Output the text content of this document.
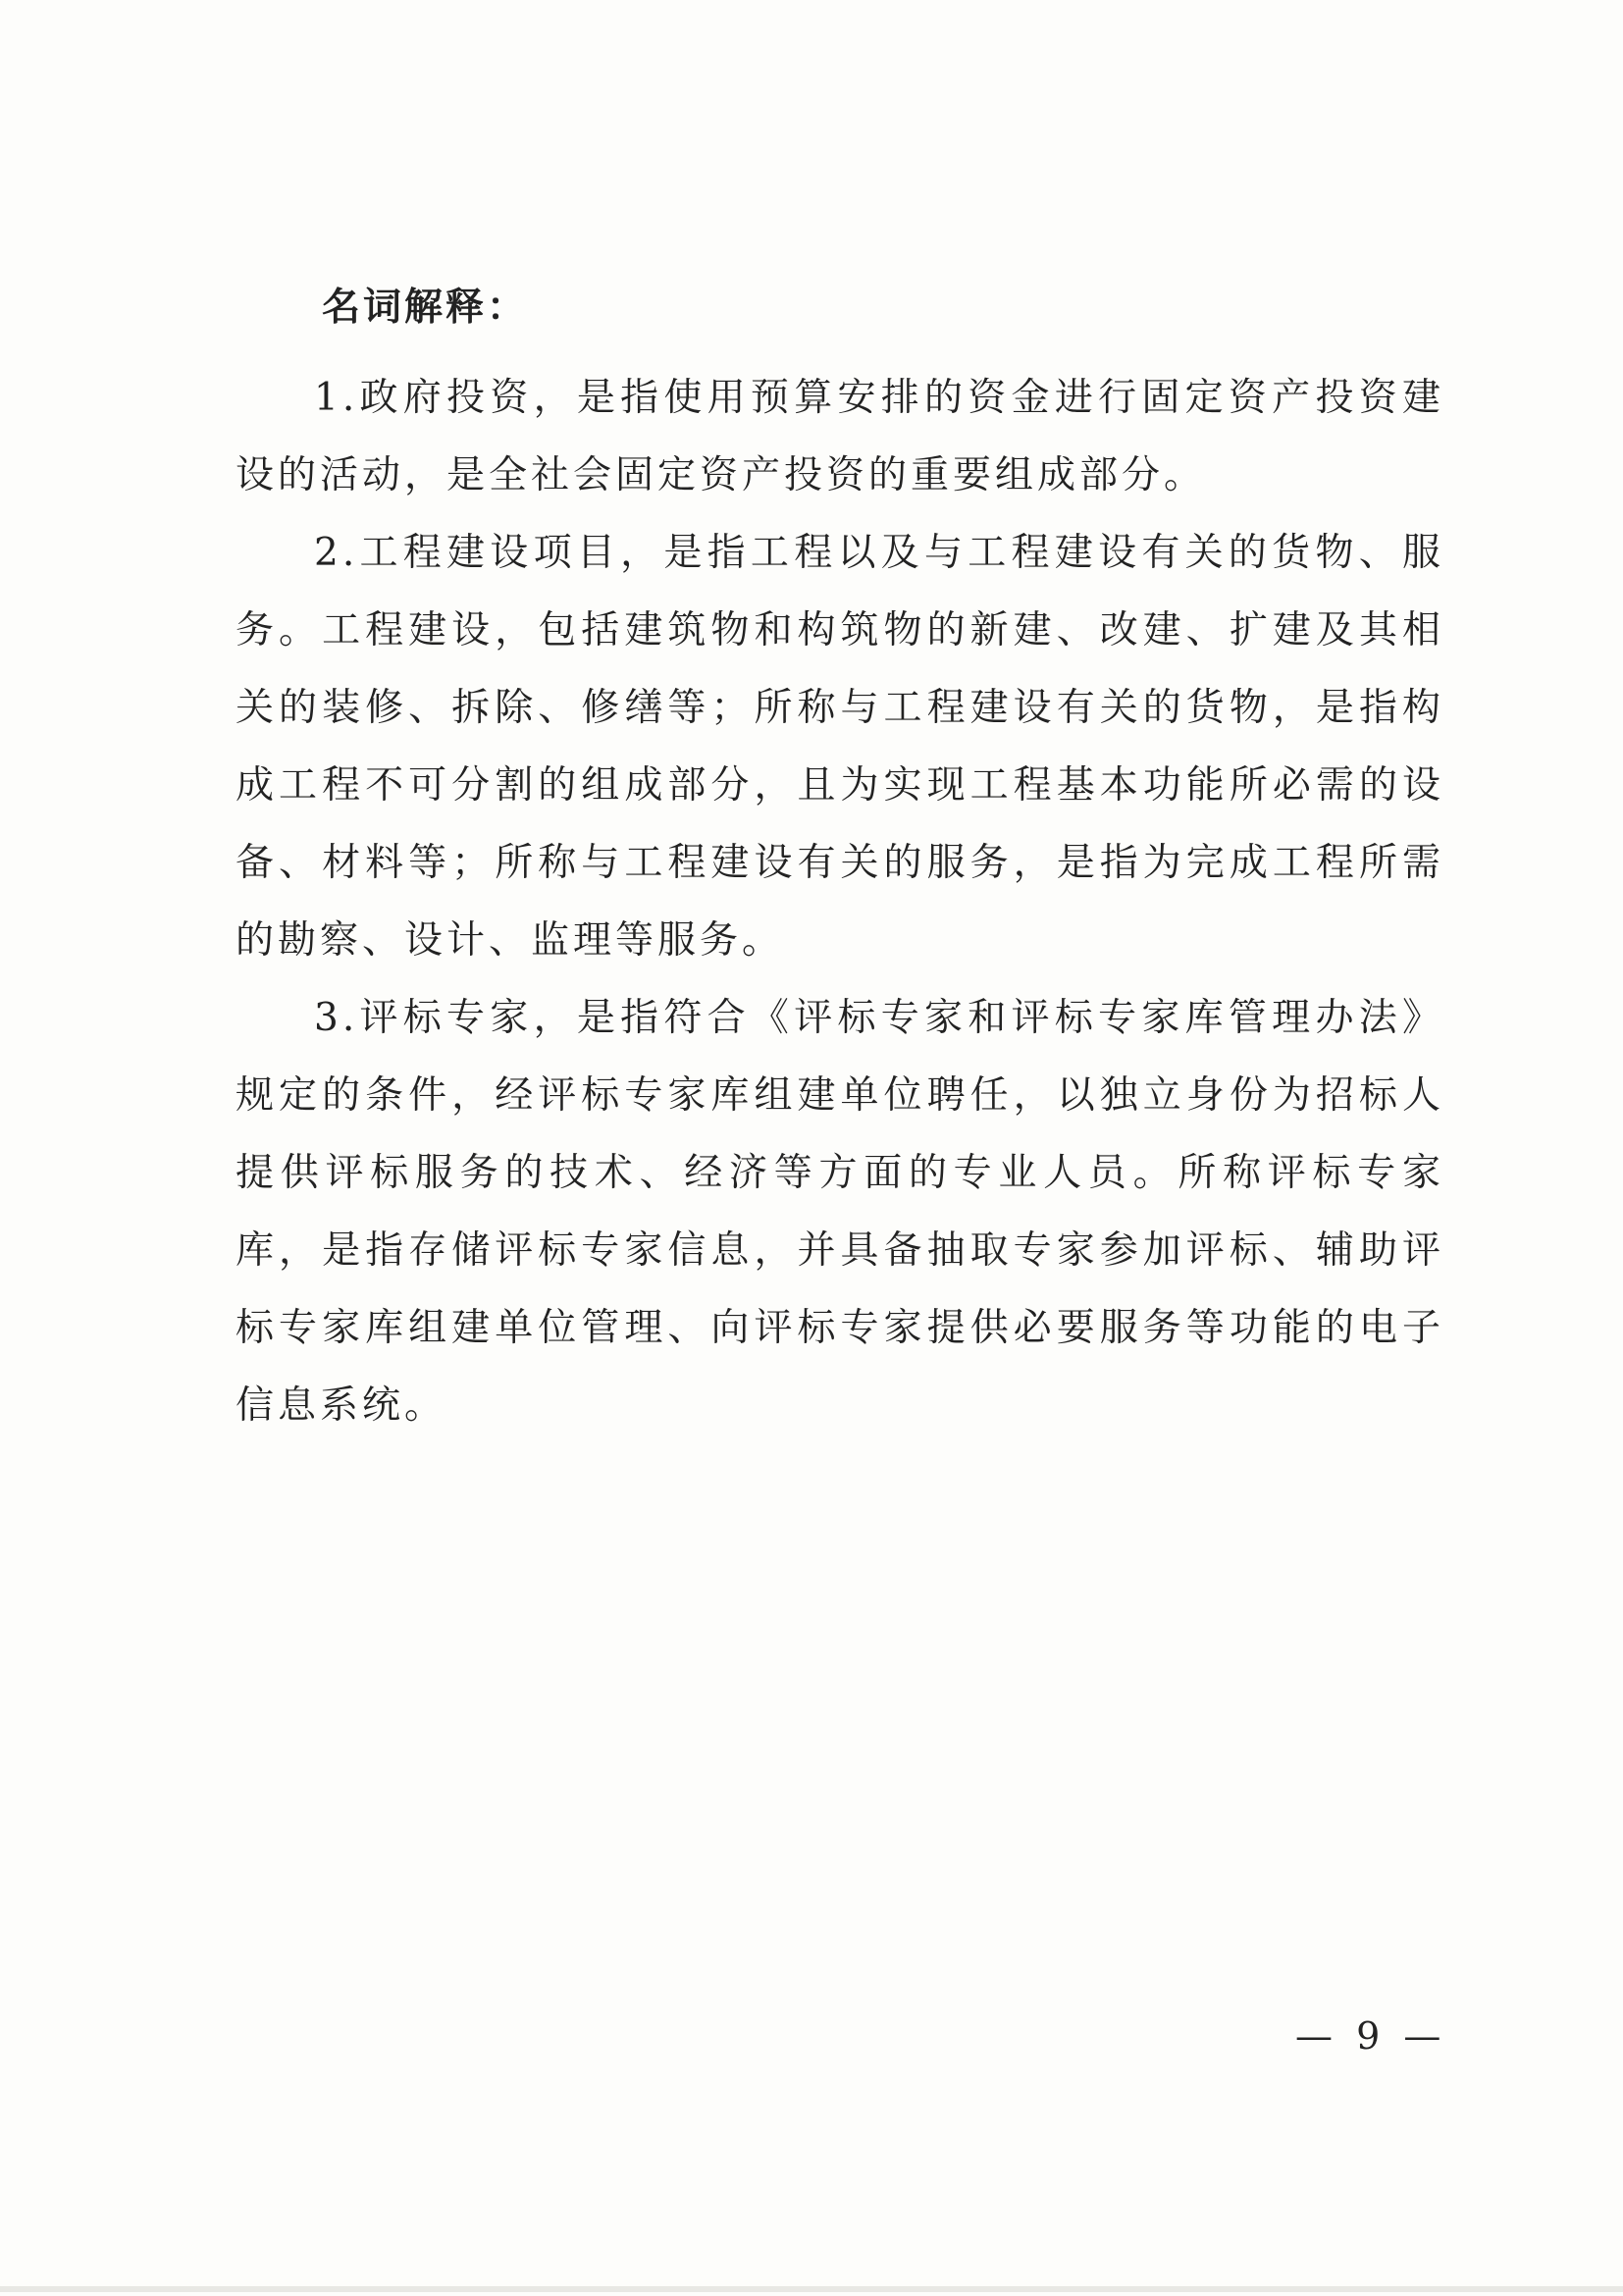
名词解释：

1.政府投资，是指使用预算安排的资金进行固定资产投资建设的活动，是全社会固定资产投资的重要组成部分。

2.工程建设项目，是指工程以及与工程建设有关的货物、服务。工程建设，包括建筑物和构筑物的新建、改建、扩建及其相关的装修、拆除、修缮等；所称与工程建设有关的货物，是指构成工程不可分割的组成部分，且为实现工程基本功能所必需的设备、材料等；所称与工程建设有关的服务，是指为完成工程所需的勘察、设计、监理等服务。

3.评标专家，是指符合《评标专家和评标专家库管理办法》规定的条件，经评标专家库组建单位聘任，以独立身份为招标人提供评标服务的技术、经济等方面的专业人员。所称评标专家库，是指存储评标专家信息，并具备抽取专家参加评标、辅助评标专家库组建单位管理、向评标专家提供必要服务等功能的电子信息系统。

— 9 —
